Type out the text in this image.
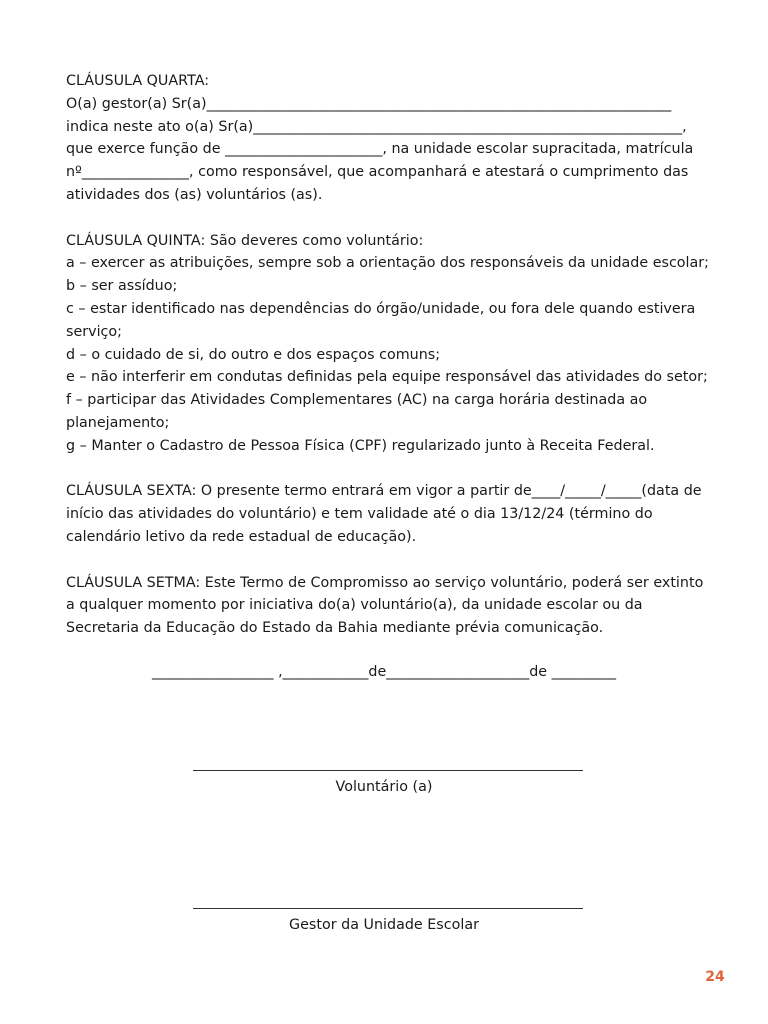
CLÁUSULA QUARTA:
O(a) gestor(a) Sr(a)_________________________________________________________________
indica neste ato o(a) Sr(a)____________________________________________________________,
que exerce função de ______________________, na unidade escolar supracitada, matrícula
nº_______________, como responsável, que acompanhará e atestará o cumprimento das
atividades dos (as) voluntários (as).
CLÁUSULA QUINTA: São deveres como voluntário:
a – exercer as atribuições, sempre sob a orientação dos responsáveis da unidade escolar;
b – ser assíduo;
c – estar identificado nas dependências do órgão/unidade, ou fora dele quando estivera
serviço;
d – o cuidado de si, do outro e dos espaços comuns;
e – não interferir em condutas definidas pela equipe responsável das atividades do setor;
f – participar das Atividades Complementares (AC) na carga horária destinada ao
planejamento;
g – Manter o Cadastro de Pessoa Física (CPF) regularizado junto à Receita Federal.
CLÁUSULA SEXTA: O presente termo entrará em vigor a partir de____/_____/_____(data de
início das atividades do voluntário) e tem validade até o dia 13/12/24 (término do
calendário letivo da rede estadual de educação).
CLÁUSULA SETMA: Este Termo de Compromisso ao serviço voluntário, poderá ser extinto
a qualquer momento por iniciativa do(a) voluntário(a), da unidade escolar ou da
Secretaria da Educação do Estado da Bahia mediante prévia comunicação.
_________________ ,____________de____________________de _________
Voluntário (a)
Gestor da Unidade Escolar
24
